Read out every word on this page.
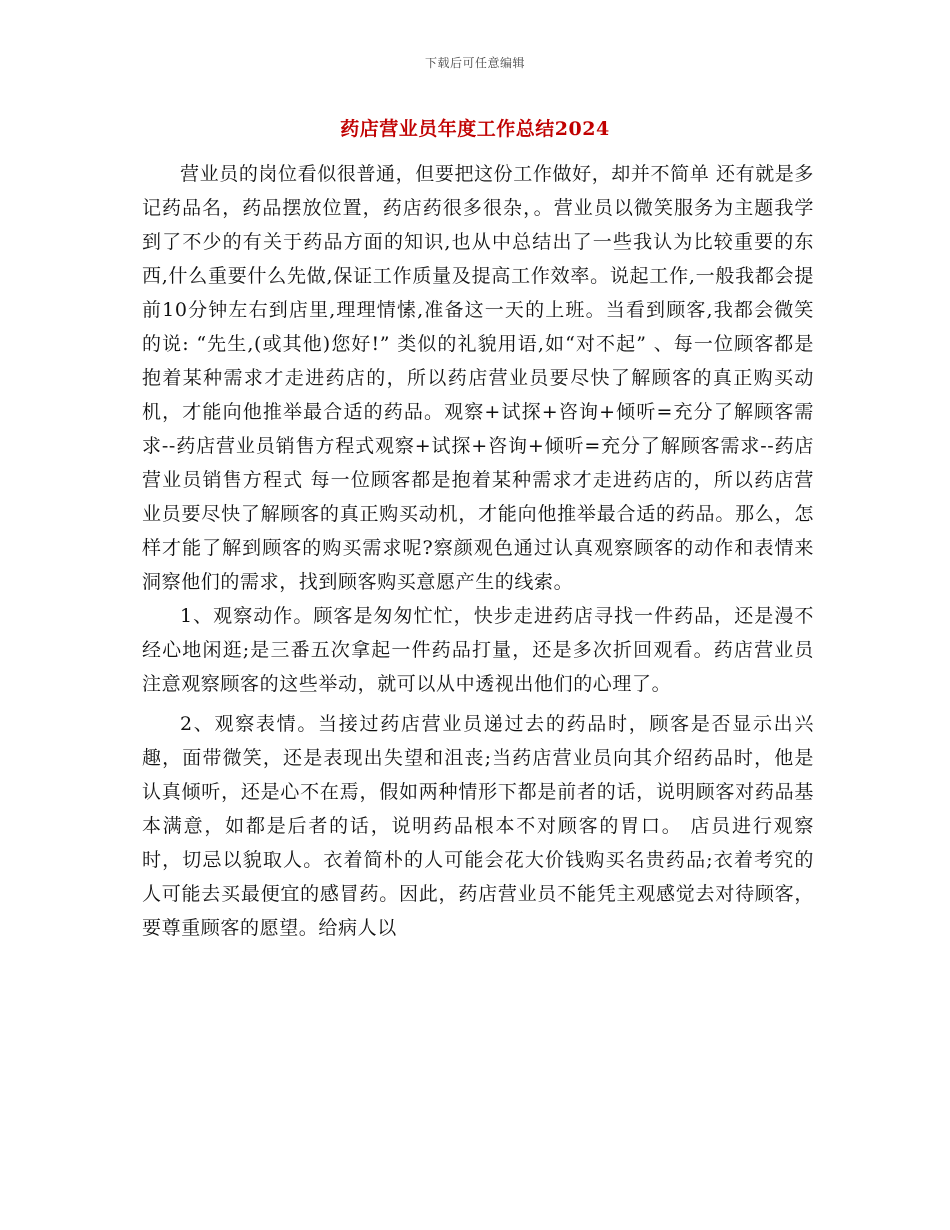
下载后可任意编辑
药店营业员年度工作总结2024

营业员的岗位看似很普通，但要把这份工作做好，却并不简单 还有就是多记药品名，药品摆放位置，药店药很多很杂，。营业员以微笑服务为主题我学到了不少的有关于药品方面的知识,也从中总结出了一些我认为比较重要的东西,什么重要什么先做,保证工作质量及提高工作效率。说起工作,一般我都会提前10分钟左右到店里,理理情愫,准备这一天的上班。当看到顾客,我都会微笑的说: “先生,(或其他)您好!” 类似的礼貌用语,如“对不起” 、每一位顾客都是抱着某种需求才走进药店的，所以药店营业员要尽快了解顾客的真正购买动机，才能向他推举最合适的药品。观察+试探+咨询+倾听=充分了解顾客需求--药店营业员销售方程式观察+试探+咨询+倾听=充分了解顾客需求--药店营业员销售方程式 每一位顾客都是抱着某种需求才走进药店的，所以药店营业员要尽快了解顾客的真正购买动机，才能向他推举最合适的药品。那么，怎样才能了解到顾客的购买需求呢?察颜观色通过认真观察顾客的动作和表情来洞察他们的需求，找到顾客购买意愿产生的线索。

1、观察动作。顾客是匆匆忙忙，快步走进药店寻找一件药品，还是漫不经心地闲逛;是三番五次拿起一件药品打量，还是多次折回观看。药店营业员注意观察顾客的这些举动，就可以从中透视出他们的心理了。

2、观察表情。当接过药店营业员递过去的药品时，顾客是否显示出兴趣，面带微笑，还是表现出失望和沮丧;当药店营业员向其介绍药品时，他是认真倾听，还是心不在焉，假如两种情形下都是前者的话，说明顾客对药品基本满意，如都是后者的话，说明药品根本不对顾客的胃口。 店员进行观察时，切忌以貌取人。衣着简朴的人可能会花大价钱购买名贵药品;衣着考究的人可能去买最便宜的感冒药。因此，药店营业员不能凭主观感觉去对待顾客，要尊重顾客的愿望。给病人以
